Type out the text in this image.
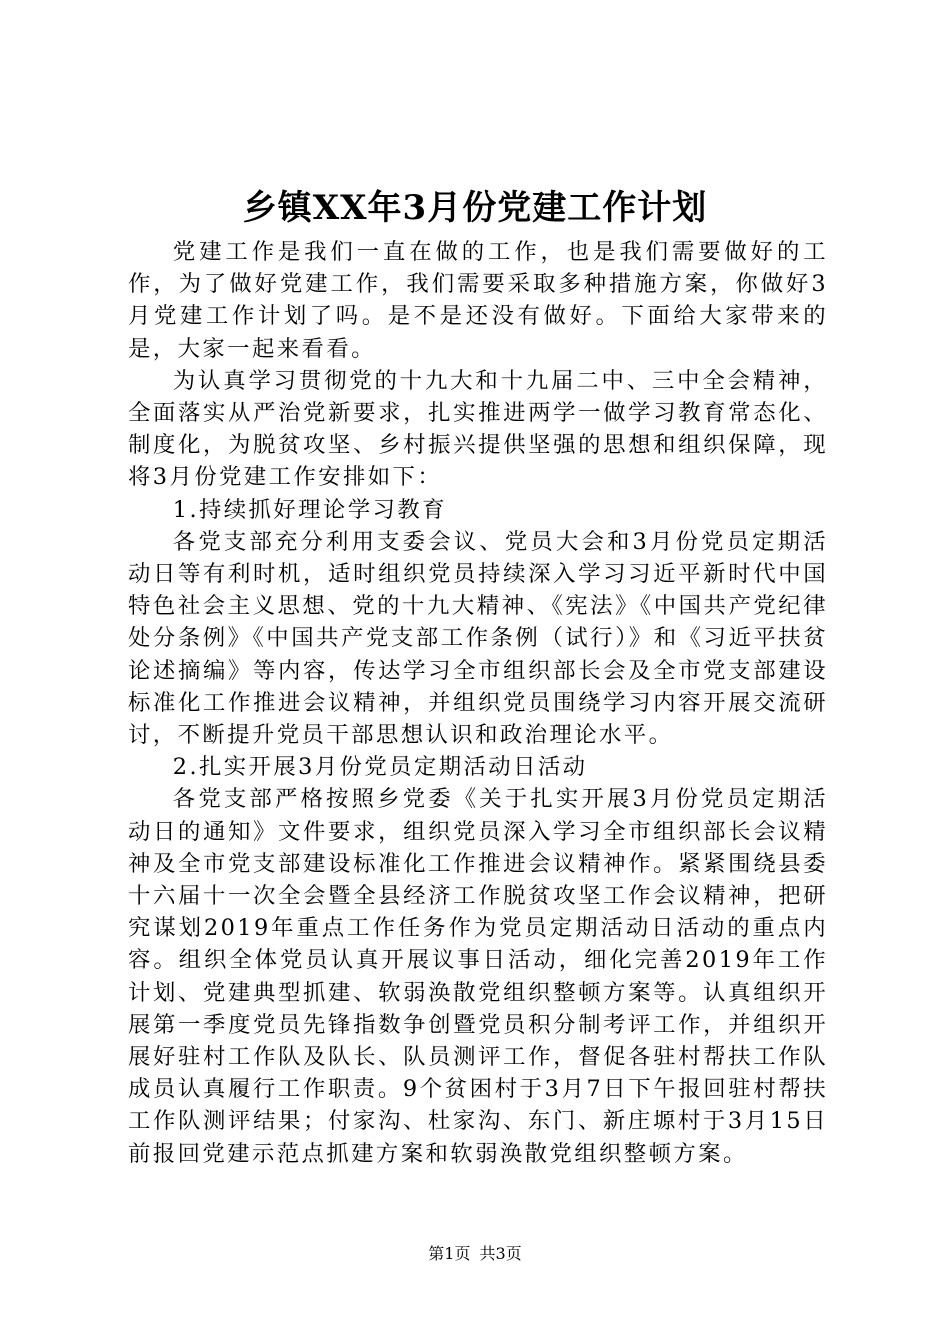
乡镇XX年3月份党建工作计划

党建工作是我们一直在做的工作，也是我们需要做好的工作，为了做好党建工作，我们需要采取多种措施方案，你做好3月党建工作计划了吗。是不是还没有做好。下面给大家带来的是，大家一起来看看。

为认真学习贯彻党的十九大和十九届二中、三中全会精神，全面落实从严治党新要求，扎实推进两学一做学习教育常态化、制度化，为脱贫攻坚、乡村振兴提供坚强的思想和组织保障，现将3月份党建工作安排如下：

1.持续抓好理论学习教育

各党支部充分利用支委会议、党员大会和3月份党员定期活动日等有利时机，适时组织党员持续深入学习习近平新时代中国特色社会主义思想、党的十九大精神、《宪法》《中国共产党纪律处分条例》《中国共产党支部工作条例（试行）》和《习近平扶贫论述摘编》等内容，传达学习全市组织部长会及全市党支部建设标准化工作推进会议精神，并组织党员围绕学习内容开展交流研讨，不断提升党员干部思想认识和政治理论水平。

2.扎实开展3月份党员定期活动日活动

各党支部严格按照乡党委《关于扎实开展3月份党员定期活动日的通知》文件要求，组织党员深入学习全市组织部长会议精神及全市党支部建设标准化工作推进会议精神作。紧紧围绕县委十六届十一次全会暨全县经济工作脱贫攻坚工作会议精神，把研究谋划2019年重点工作任务作为党员定期活动日活动的重点内容。组织全体党员认真开展议事日活动，细化完善2019年工作计划、党建典型抓建、软弱涣散党组织整顿方案等。认真组织开展第一季度党员先锋指数争创暨党员积分制考评工作，并组织开展好驻村工作队及队长、队员测评工作，督促各驻村帮扶工作队成员认真履行工作职责。9个贫困村于3月7日下午报回驻村帮扶工作队测评结果；付家沟、杜家沟、东门、新庄塬村于3月15日前报回党建示范点抓建方案和软弱涣散党组织整顿方案。

第1页 共3页
